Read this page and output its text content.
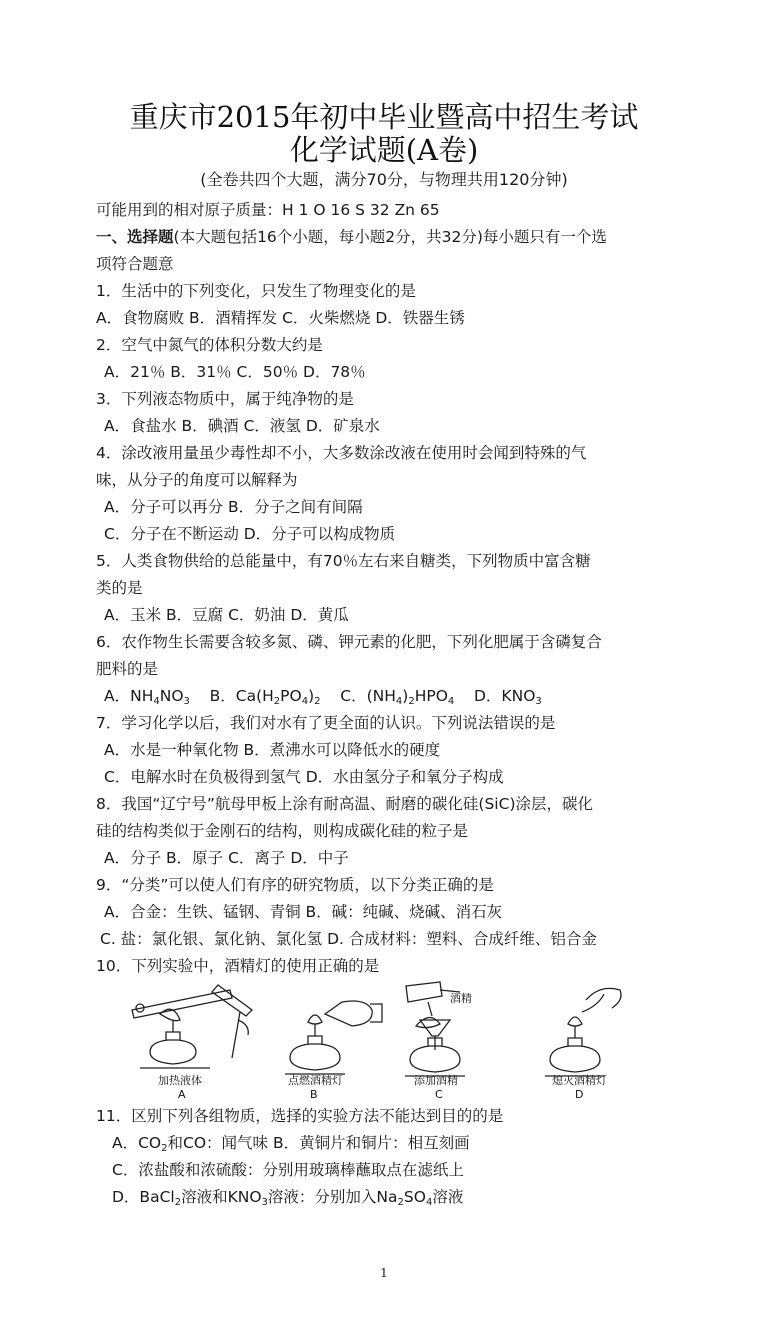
重庆市2015年初中毕业暨高中招生考试
化学试题(A卷)
(全卷共四个大题，满分70分，与物理共用120分钟)
可能用到的相对原子质量：H 1 O 16 S 32 Zn 65
一、选择题(本大题包括16个小题，每小题2分，共32分)每小题只有一个选
项符合题意
1．生活中的下列变化，只发生了物理变化的是
A．食物腐败 B．酒精挥发 C．火柴燃烧 D．铁器生锈
2．空气中氮气的体积分数大约是
A．21％ B．31％ C．50％ D．78％
3．下列液态物质中，属于纯净物的是
A．食盐水 B．碘酒 C．液氢 D．矿泉水
4．涂改液用量虽少毒性却不小，大多数涂改液在使用时会闻到特殊的气
味，从分子的角度可以解释为
A．分子可以再分 B．分子之间有间隔
C．分子在不断运动 D．分子可以构成物质
5．人类食物供给的总能量中，有70％左右来自糖类，下列物质中富含糖
类的是
A．玉米 B．豆腐 C．奶油 D．黄瓜
6．农作物生长需要含较多氮、磷、钾元素的化肥，下列化肥属于含磷复合
肥料的是
A．$NH_4NO_3$ B．$Ca(H_2PO_4)_2$ C．$(NH_4)_2HPO_4$ D．$KNO_3$
7．学习化学以后，我们对水有了更全面的认识。下列说法错误的是
A．水是一种氧化物 B．煮沸水可以降低水的硬度
C．电解水时在负极得到氢气 D．水由氢分子和氧分子构成
8．我国“辽宁号”航母甲板上涂有耐高温、耐磨的碳化硅(SiC)涂层，碳化
硅的结构类似于金刚石的结构，则构成碳化硅的粒子是
A．分子 B．原子 C．离子 D．中子
9．“分类”可以使人们有序的研究物质，以下分类正确的是
A．合金：生铁、锰钢、青铜 B．碱：纯碱、烧碱、消石灰
C. 盐：氯化银、氯化钠、氯化氢 D. 合成材料：塑料、合成纤维、铝合金
10．下列实验中，酒精灯的使用正确的是
酒精
加热液体	点燃酒精灯	添加酒精	熄灭酒精灯
A	B	C	D
11．区别下列各组物质，选择的实验方法不能达到目的的是
A．$CO_2$和CO：闻气味 B．黄铜片和铜片：相互刻画
C．浓盐酸和浓硫酸：分别用玻璃棒蘸取点在滤纸上
D．BaCl$_2$溶液和$KNO_3$溶液：分别加入$Na_2SO_4$溶液
1
